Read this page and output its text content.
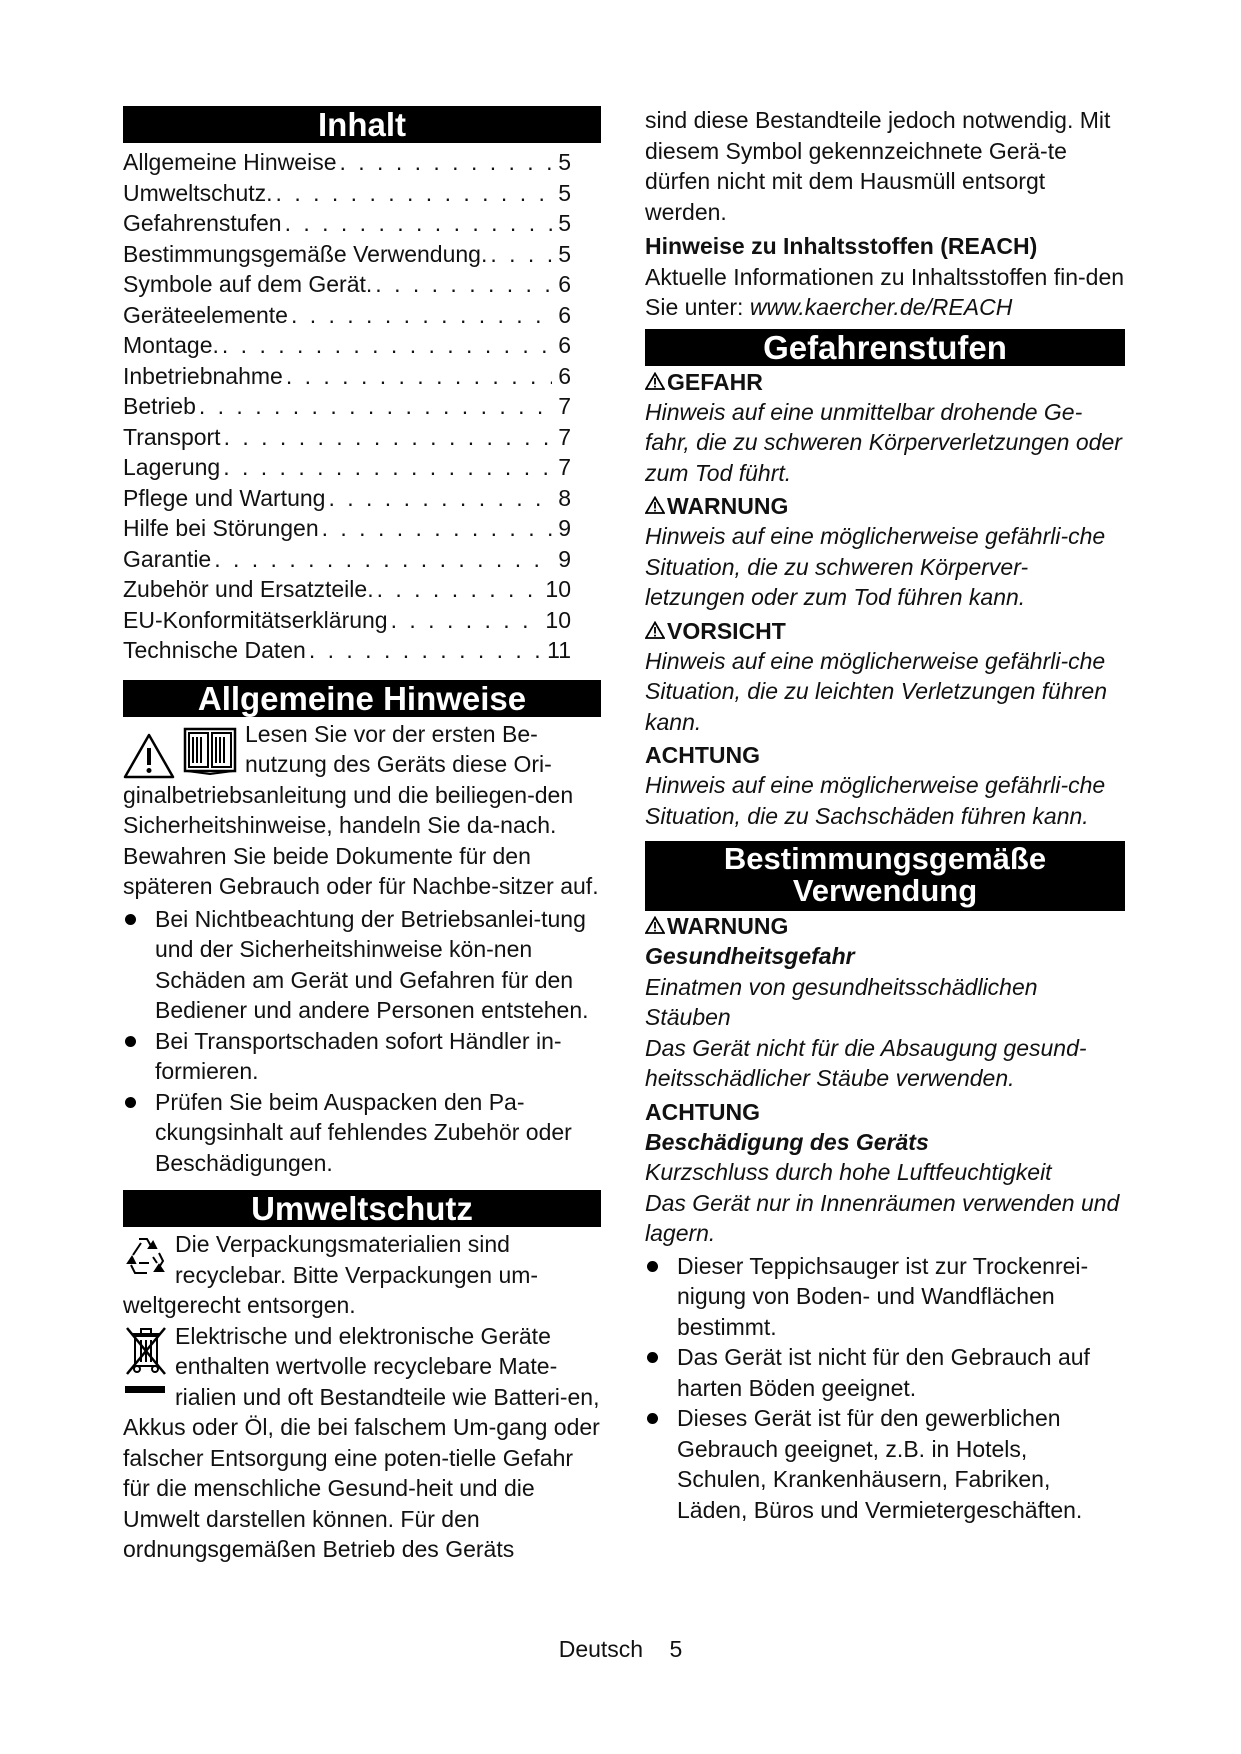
Inhalt
Allgemeine Hinweise . . .	5
Umweltschutz. . . .	5
Gefahrenstufen . . .	5
Bestimmungsgemäße Verwendung. . . .	5
Symbole auf dem Gerät. . . .	6
Geräteelemente . . .	6
Montage. . . .	6
Inbetriebnahme . . .	6
Betrieb . . .	7
Transport . . .	7
Lagerung . . .	7
Pflege und Wartung . . .	8
Hilfe bei Störungen . . .	9
Garantie . . .	9
Zubehör und Ersatzteile. . . .	10
EU-Konformitätserklärung . . .	10
Technische Daten . . .	11
Allgemeine Hinweise

Lesen Sie vor der ersten Be-
nutzung des Geräts diese Ori- ginalbetriebsanleitung und die beiliegen-den Sicherheitshinweise, handeln Sie da-nach. Bewahren Sie beide Dokumente für den späteren Gebrauch oder für Nachbe-sitzer auf.

Bei Nichtbeachtung der Betriebsanlei-tung und der Sicherheitshinweise kön-nen Schäden am Gerät und Gefahren für den Bediener und andere Personen entstehen.
Bei Transportschaden sofort Händler in-formieren.
Prüfen Sie beim Auspacken den Pa-ckungsinhalt auf fehlendes Zubehör oder Beschädigungen.
Umweltschutz

Die Verpackungsmaterialien sind recyclebar. Bitte Verpackungen um-weltgerecht entsorgen.

Elektrische und elektronische Geräte enthalten wertvolle recyclebare Mate-rialien und oft Bestandteile wie Batteri-en, Akkus oder Öl, die bei falschem Um-gang oder falscher Entsorgung eine poten-tielle Gefahr für die menschliche Gesund-heit und die Umwelt darstellen können. Für den ordnungsgemäßen Betrieb des Geräts

sind diese Bestandteile jedoch notwendig. Mit diesem Symbol gekennzeichnete Gerä-te dürfen nicht mit dem Hausmüll entsorgt werden.

Hinweise zu Inhaltsstoffen (REACH)

Aktuelle Informationen zu Inhaltsstoffen fin-den Sie unter: www.kaercher.de/REACH

Gefahrenstufen
GEFAHR

Hinweis auf eine unmittelbar drohende Ge-fahr, die zu schweren Körperverletzungen oder zum Tod führt.

WARNUNG

Hinweis auf eine möglicherweise gefährli-che Situation, die zu schweren Körperver-letzungen oder zum Tod führen kann.

VORSICHT

Hinweis auf eine möglicherweise gefährli-che Situation, die zu leichten Verletzungen führen kann.

ACHTUNG

Hinweis auf eine möglicherweise gefährli-che Situation, die zu Sachschäden führen kann.

Bestimmungsgemäße
Verwendung
WARNUNG

Gesundheitsgefahr

Einatmen von gesundheitsschädlichen Stäuben

Das Gerät nicht für die Absaugung gesund-heitsschädlicher Stäube verwenden.

ACHTUNG

Beschädigung des Geräts

Kurzschluss durch hohe Luftfeuchtigkeit

Das Gerät nur in Innenräumen verwenden und lagern.

Dieser Teppichsauger ist zur Trockenrei-nigung von Boden- und Wandflächen bestimmt.
Das Gerät ist nicht für den Gebrauch auf harten Böden geeignet.
Dieses Gerät ist für den gewerblichen Gebrauch geeignet, z.B. in Hotels, Schulen, Krankenhäusern, Fabriken, Läden, Büros und Vermietergeschäften.
Deutsch 5
